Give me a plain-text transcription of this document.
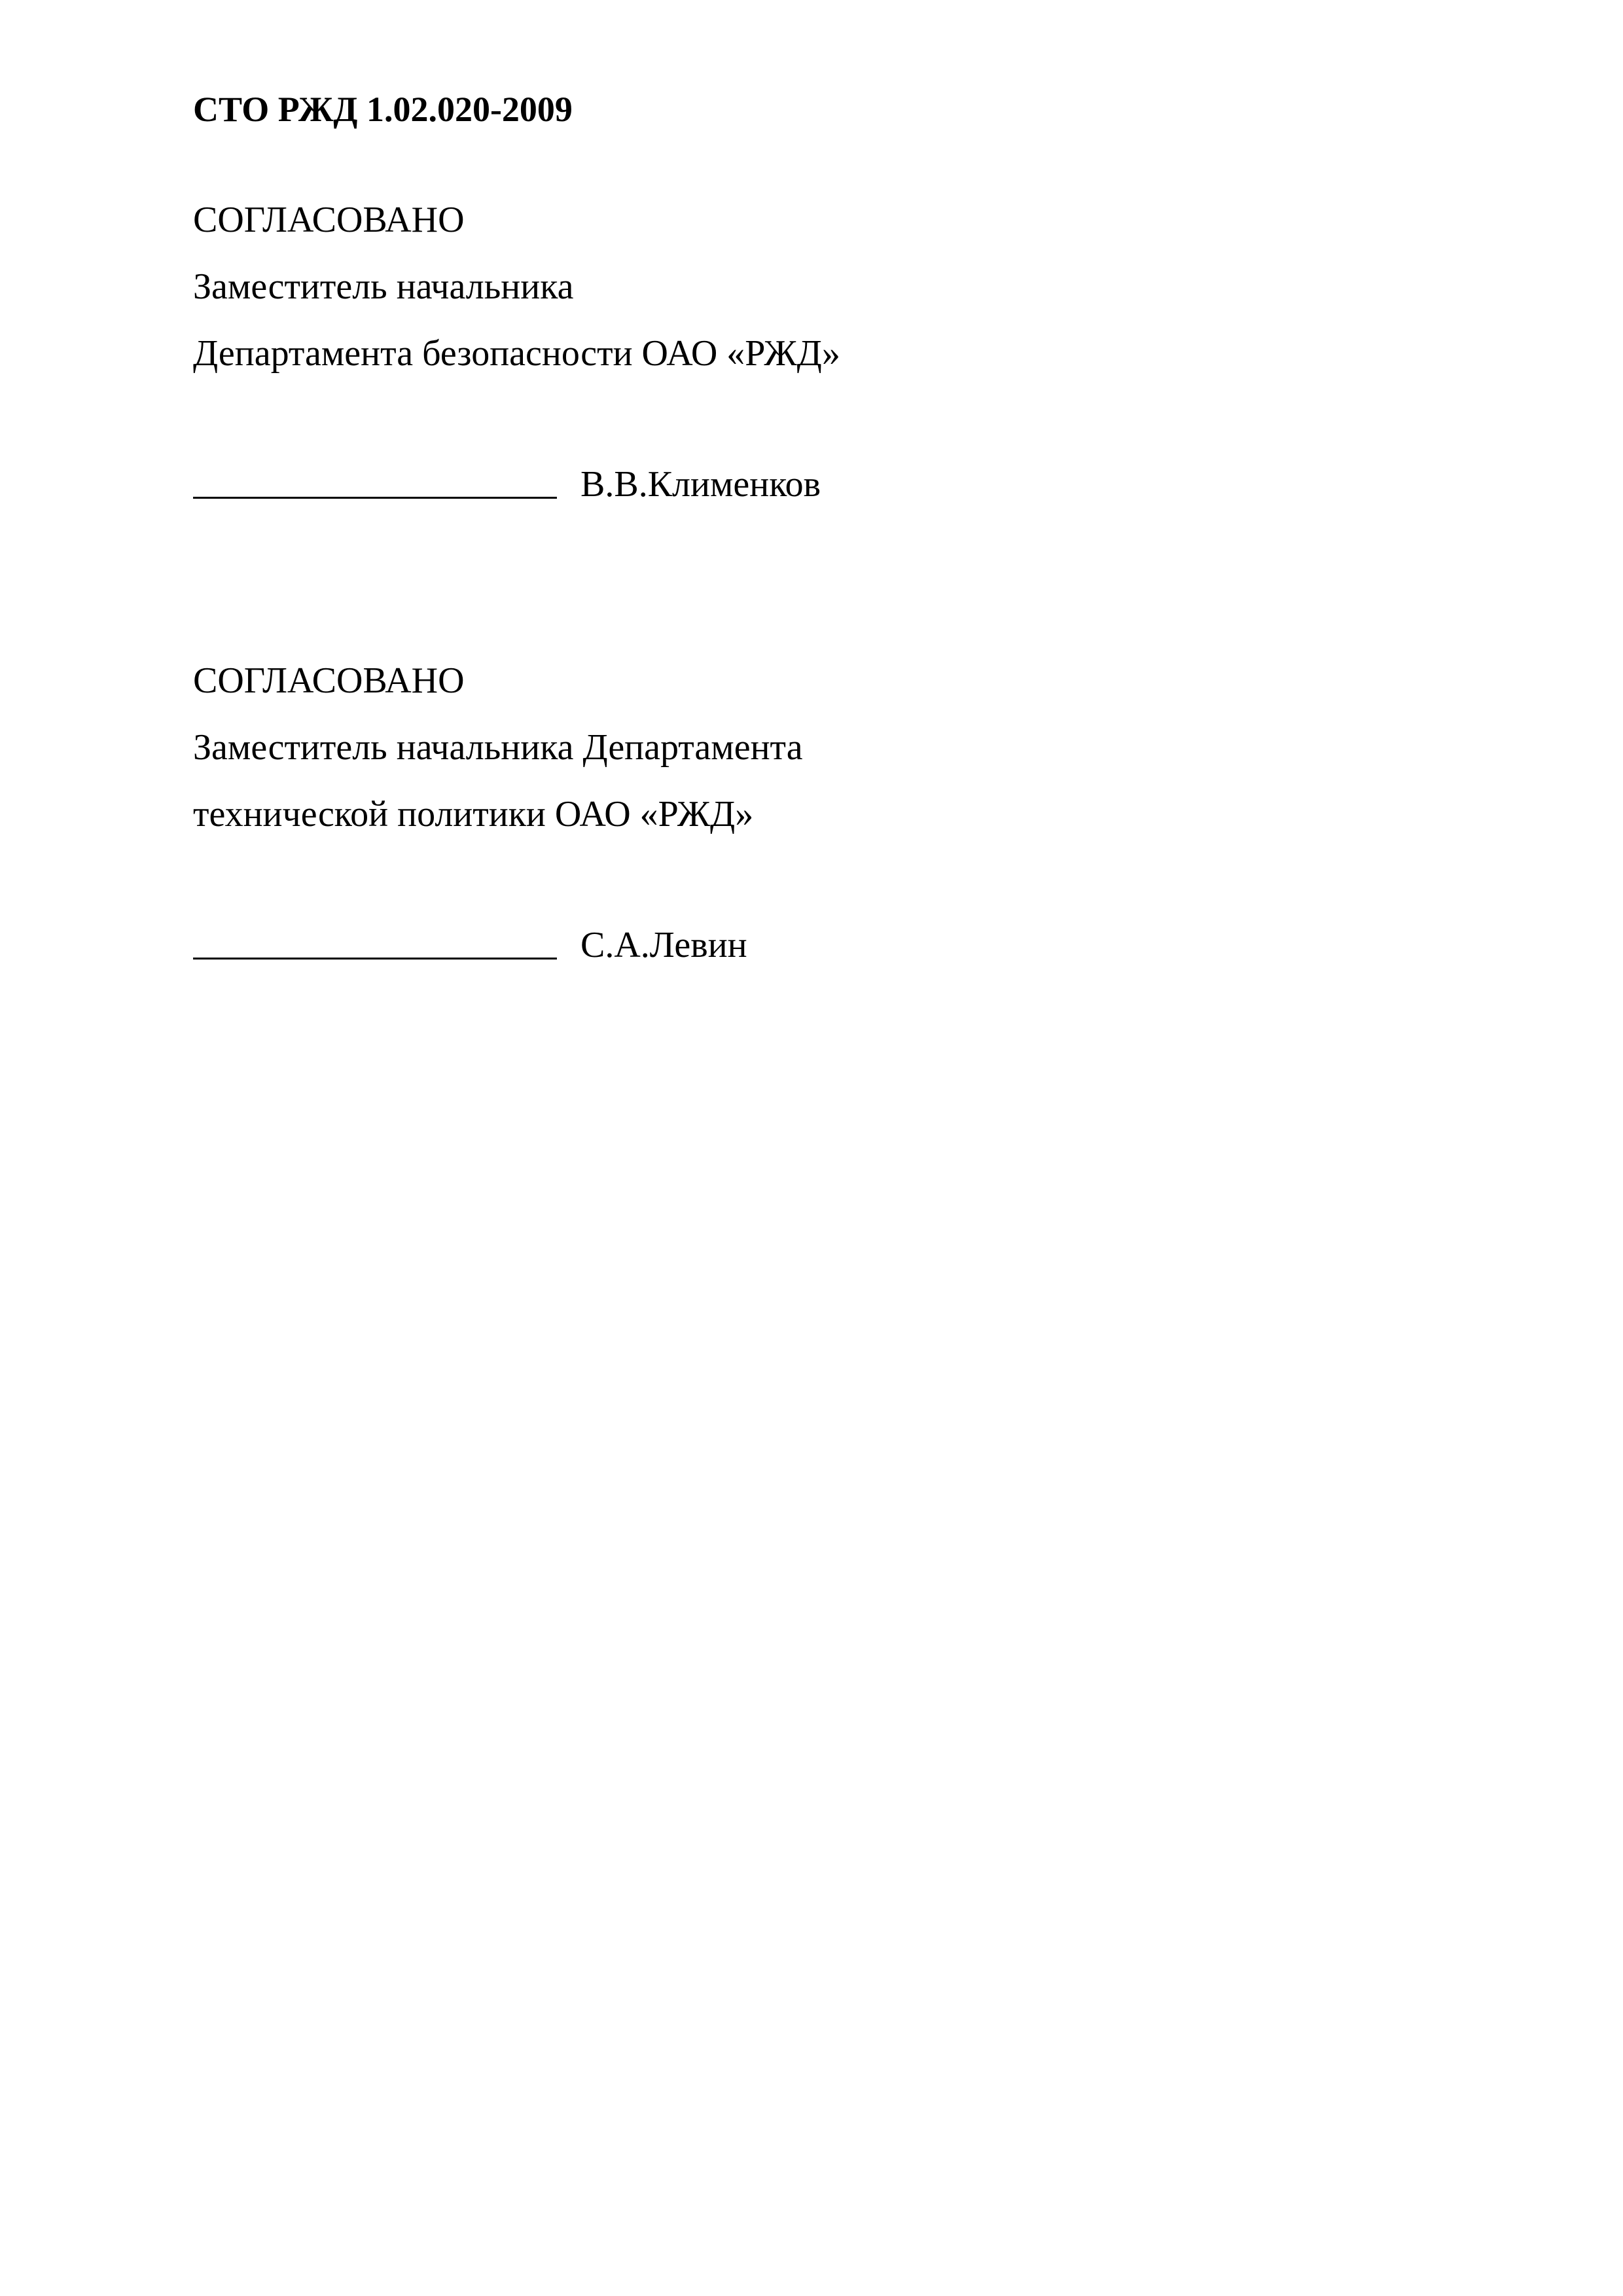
СТО РЖД 1.02.020-2009
СОГЛАСОВАНО
Заместитель начальника
Департамента безопасности ОАО «РЖД»
В.В.Клименков
СОГЛАСОВАНО
Заместитель начальника Департамента
технической политики ОАО «РЖД»
С.А.Левин
